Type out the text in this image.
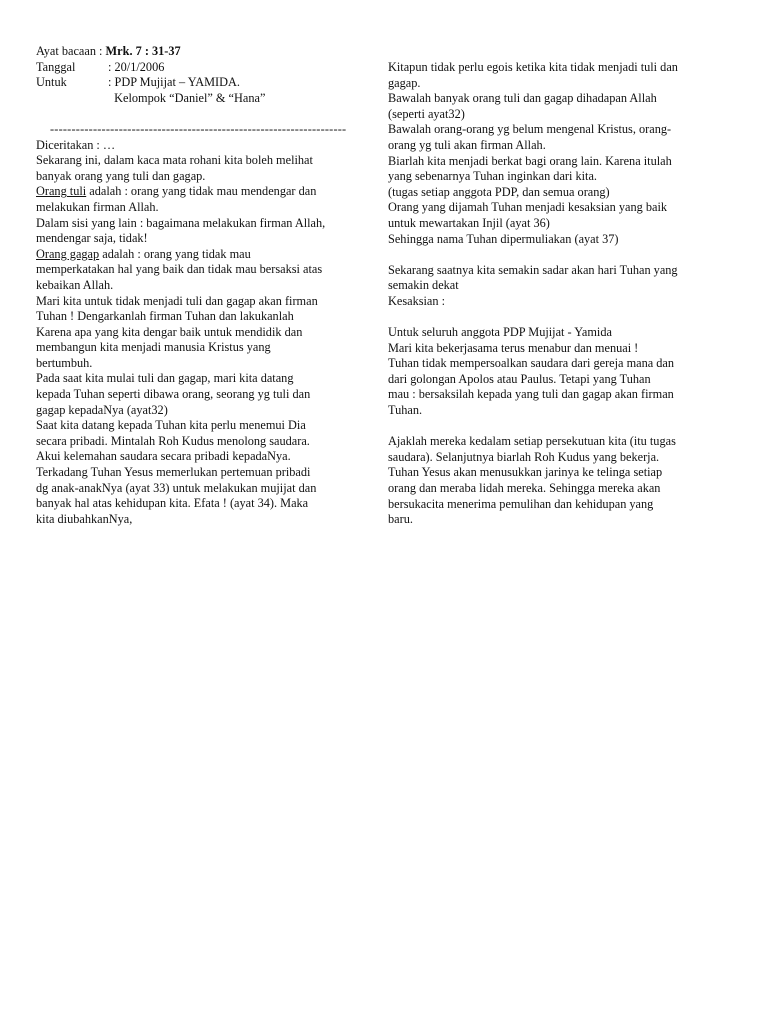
Ayat bacaan : Mrk. 7 : 31-37
Tanggal	: 20/1/2006
Untuk	: PDP Mujijat – YAMIDA.
Kelompok “Daniel” & “Hana”
---------------------------------------------------------------------
Diceritakan : …
Sekarang ini, dalam kaca mata rohani kita boleh melihat
banyak orang yang tuli dan gagap.
Orang tuli adalah : orang yang tidak mau mendengar dan
melakukan firman Allah.
Dalam sisi yang lain : bagaimana melakukan firman Allah,
mendengar saja, tidak!
Orang gagap adalah : orang yang tidak mau
memperkatakan hal yang baik dan tidak mau bersaksi atas
kebaikan Allah.
Mari kita untuk tidak menjadi tuli dan gagap akan firman
Tuhan ! Dengarkanlah firman Tuhan dan lakukanlah
Karena apa yang kita dengar baik untuk mendidik dan
membangun kita menjadi manusia Kristus yang
bertumbuh.
Pada saat kita mulai tuli dan gagap, mari kita datang
kepada Tuhan seperti dibawa orang, seorang yg tuli dan
gagap kepadaNya (ayat32)
Saat kita datang kepada Tuhan kita perlu menemui Dia
secara pribadi. Mintalah Roh Kudus menolong saudara.
Akui kelemahan saudara secara pribadi kepadaNya.
Terkadang Tuhan Yesus memerlukan pertemuan pribadi
dg anak-anakNya (ayat 33) untuk melakukan mujijat dan
banyak hal atas kehidupan kita. Efata ! (ayat 34). Maka
kita diubahkanNya,
Kitapun tidak perlu egois ketika kita tidak menjadi tuli dan
gagap.
Bawalah banyak orang tuli dan gagap dihadapan Allah
(seperti ayat32)
Bawalah orang-orang yg belum mengenal Kristus, orang-
orang yg tuli akan firman Allah.
Biarlah kita menjadi berkat bagi orang lain. Karena itulah
yang sebenarnya Tuhan inginkan dari kita.
(tugas setiap anggota PDP, dan semua orang)
Orang yang dijamah Tuhan menjadi kesaksian yang baik
untuk mewartakan Injil (ayat 36)
Sehingga nama Tuhan dipermuliakan (ayat 37)
Sekarang saatnya kita semakin sadar akan hari Tuhan yang
semakin dekat
Kesaksian :
Untuk seluruh anggota PDP Mujijat - Yamida
Mari kita bekerjasama terus menabur dan menuai !
Tuhan tidak mempersoalkan saudara dari gereja mana dan
dari golongan Apolos atau Paulus. Tetapi yang Tuhan
mau : bersaksilah kepada yang tuli dan gagap akan firman
Tuhan.
Ajaklah mereka kedalam setiap persekutuan kita (itu tugas
saudara). Selanjutnya biarlah Roh Kudus yang bekerja.
Tuhan Yesus akan menusukkan jarinya ke telinga setiap
orang dan meraba lidah mereka. Sehingga mereka akan
bersukacita menerima pemulihan dan kehidupan yang
baru.
